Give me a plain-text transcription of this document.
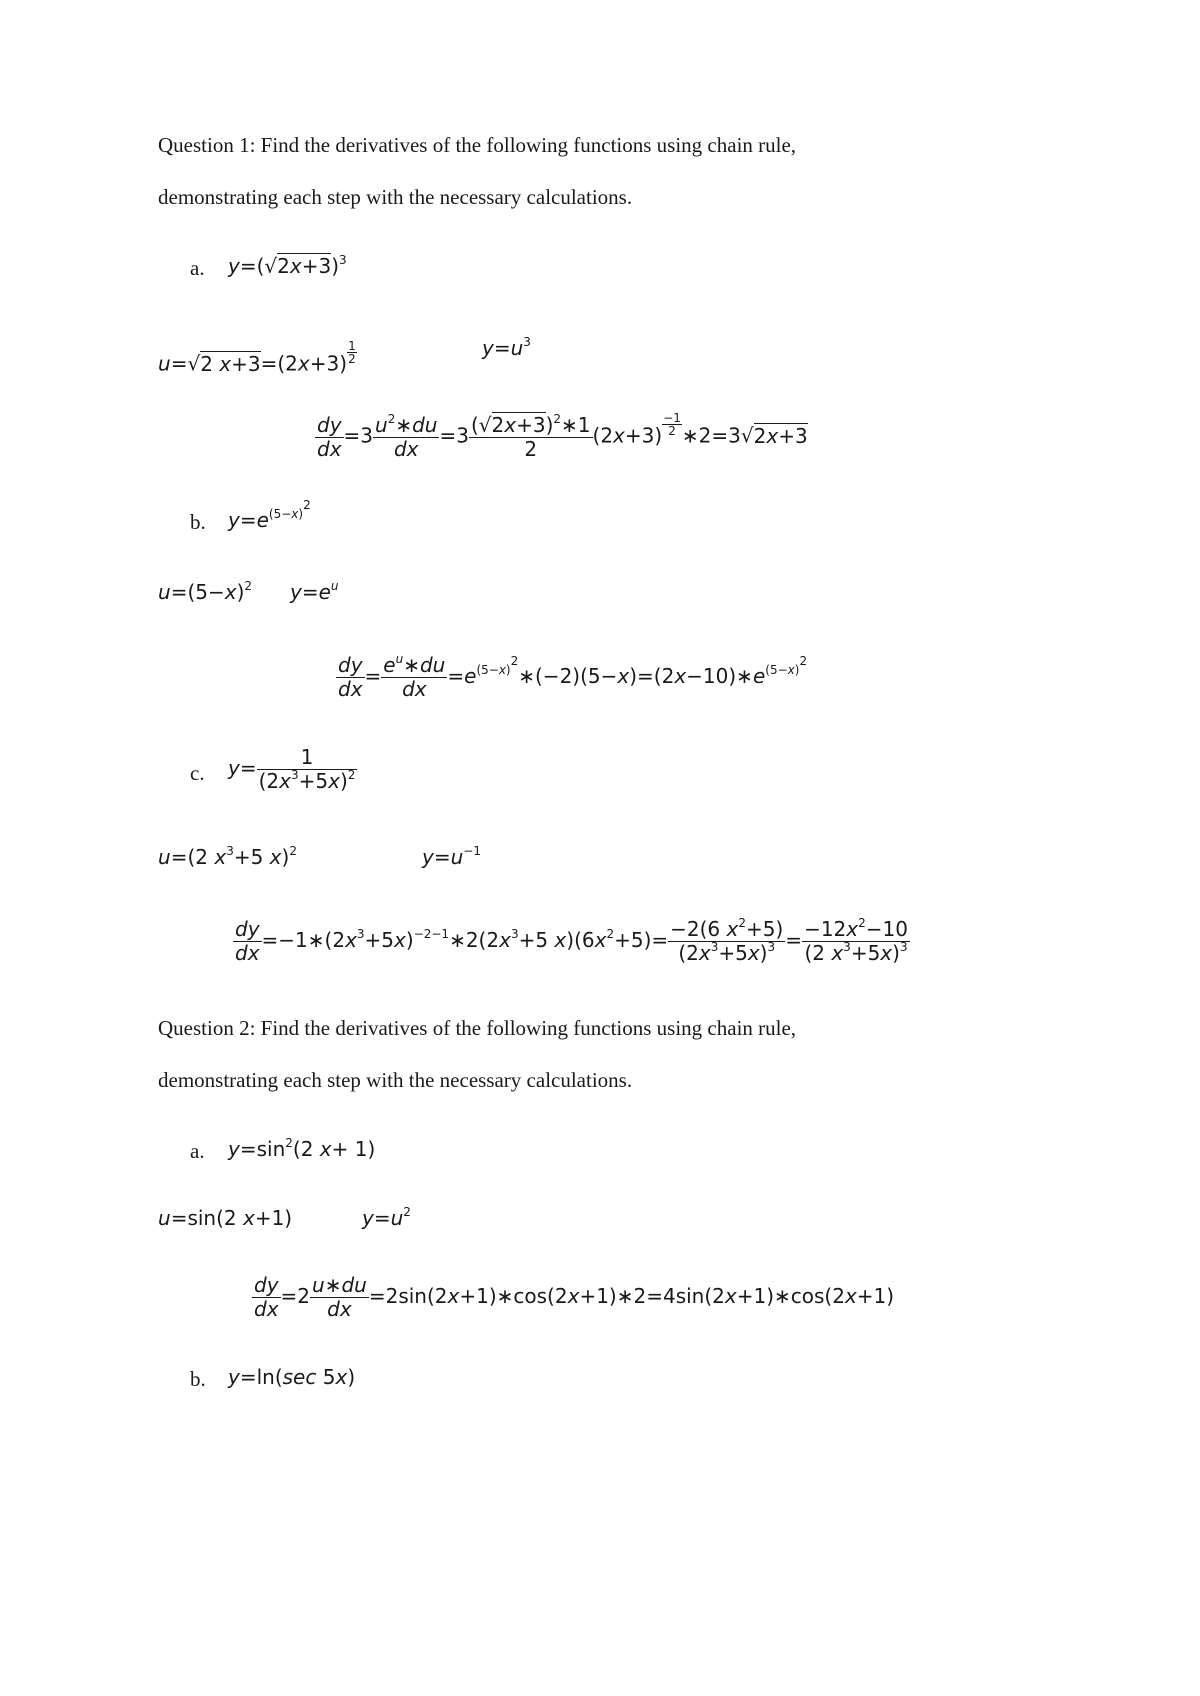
Question 1: Find the derivatives of the following functions using chain rule,
demonstrating each step with the necessary calculations.
a. $y=(√2x+3)^3$
u=√2 $x+3=(2x+3) \frac{1}{2}$	$y=u^3$
$\frac{dy}{dx} =3 \frac{u^2∗du}{dx} =3 \frac{(√2x+3)^2∗1}{2} (2x+3) \frac{-1}{2}$ ∗2=3√2x+3
b. $y=e^{(5-x)^2}$
$u=(5-x)^2$ $y=e^u$
$\frac{dy}{dx} = \frac{e^u∗du}{dx}$ $=e^{(5-x)^2}∗(-2)(5-x)=(2x-10)∗e^{(5-x)^2}$
c. $y= \frac{1}{(2x^3+5x)^2}$
u=(2 $x^3+5$ x)$^2$	$y=u^{-1}$
$\frac{dy}{dx}$ $=-1∗(2x^3+5x)^{-2-1}∗2(2x^3+5$ $x)(6x^2+5)= \frac{-2(6 x^2+5)}{(2x^3+5x)^3} = \frac{-12x^2-10}{(2 x^3+5x)^3}$
Question 2: Find the derivatives of the following functions using chain rule,
demonstrating each step with the necessary calculations.
a. $y=\sin^2(2$ x+ 1)
u=sin(2 x+1)	$y=u^2$
$\frac{dy}{dx} =2 \frac{u∗du}{dx}$ =2sin(2x+1)∗cos(2x+1)∗2=4sin(2x+1)∗cos(2x+1)
b. y=ln(sec 5x)
